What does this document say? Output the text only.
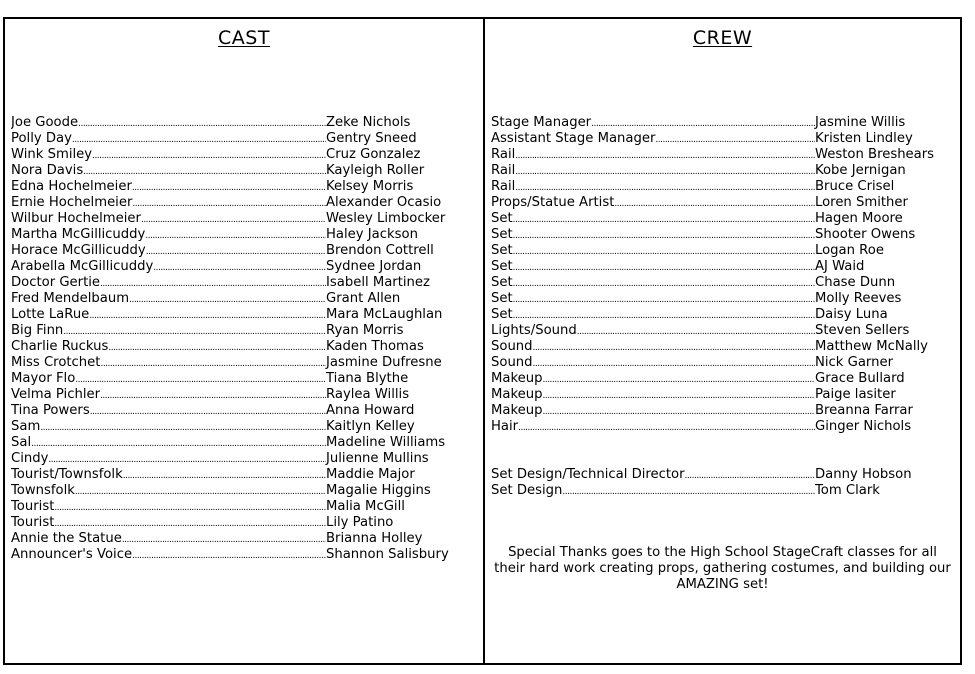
CAST
Joe Goode .....	Zeke Nichols
Polly Day .....	Gentry Sneed
Wink Smiley .....	Cruz Gonzalez
Nora Davis .....	Kayleigh Roller
Edna Hochelmeier .....	Kelsey Morris
Ernie Hochelmeier .....	Alexander Ocasio
Wilbur Hochelmeier .....	Wesley Limbocker
Martha McGillicuddy .....	Haley Jackson
Horace McGillicuddy .....	Brendon Cottrell
Arabella McGillicuddy .....	Sydnee Jordan
Doctor Gertie .....	Isabell Martinez
Fred Mendelbaum .....	Grant Allen
Lotte LaRue .....	Mara McLaughlan
Big Finn .....	Ryan Morris
Charlie Ruckus .....	Kaden Thomas
Miss Crotchet .....	Jasmine Dufresne
Mayor Flo .....	Tiana Blythe
Velma Pichler .....	Raylea Willis
Tina Powers .....	Anna Howard
Sam .....	Kaitlyn Kelley
Sal .....	Madeline Williams
Cindy .....	Julienne Mullins
Tourist/Townsfolk .....	Maddie Major
Townsfolk .....	Magalie Higgins
Tourist .....	Malia McGill
Tourist .....	Lily Patino
Annie the Statue .....	Brianna Holley
Announcer's Voice .....	Shannon Salisbury
CREW
Stage Manager .....	Jasmine Willis
Assistant Stage Manager .....	Kristen Lindley
Rail .....	Weston Breshears
Rail .....	Kobe Jernigan
Rail .....	Bruce Crisel
Props/Statue Artist .....	Loren Smither
Set .....	Hagen Moore
Set .....	Shooter Owens
Set .....	Logan Roe
Set .....	AJ Waid
Set .....	Chase Dunn
Set .....	Molly Reeves
Set .....	Daisy Luna
Lights/Sound .....	Steven Sellers
Sound .....	Matthew McNally
Sound .....	Nick Garner
Makeup .....	Grace Bullard
Makeup .....	Paige lasiter
Makeup .....	Breanna Farrar
Hair .....	Ginger Nichols
Set Design/Technical Director .....	Danny Hobson
Set Design .....	Tom Clark
Special Thanks goes to the High School StageCraft classes for all their hard work creating props, gathering costumes, and building our AMAZING set!
